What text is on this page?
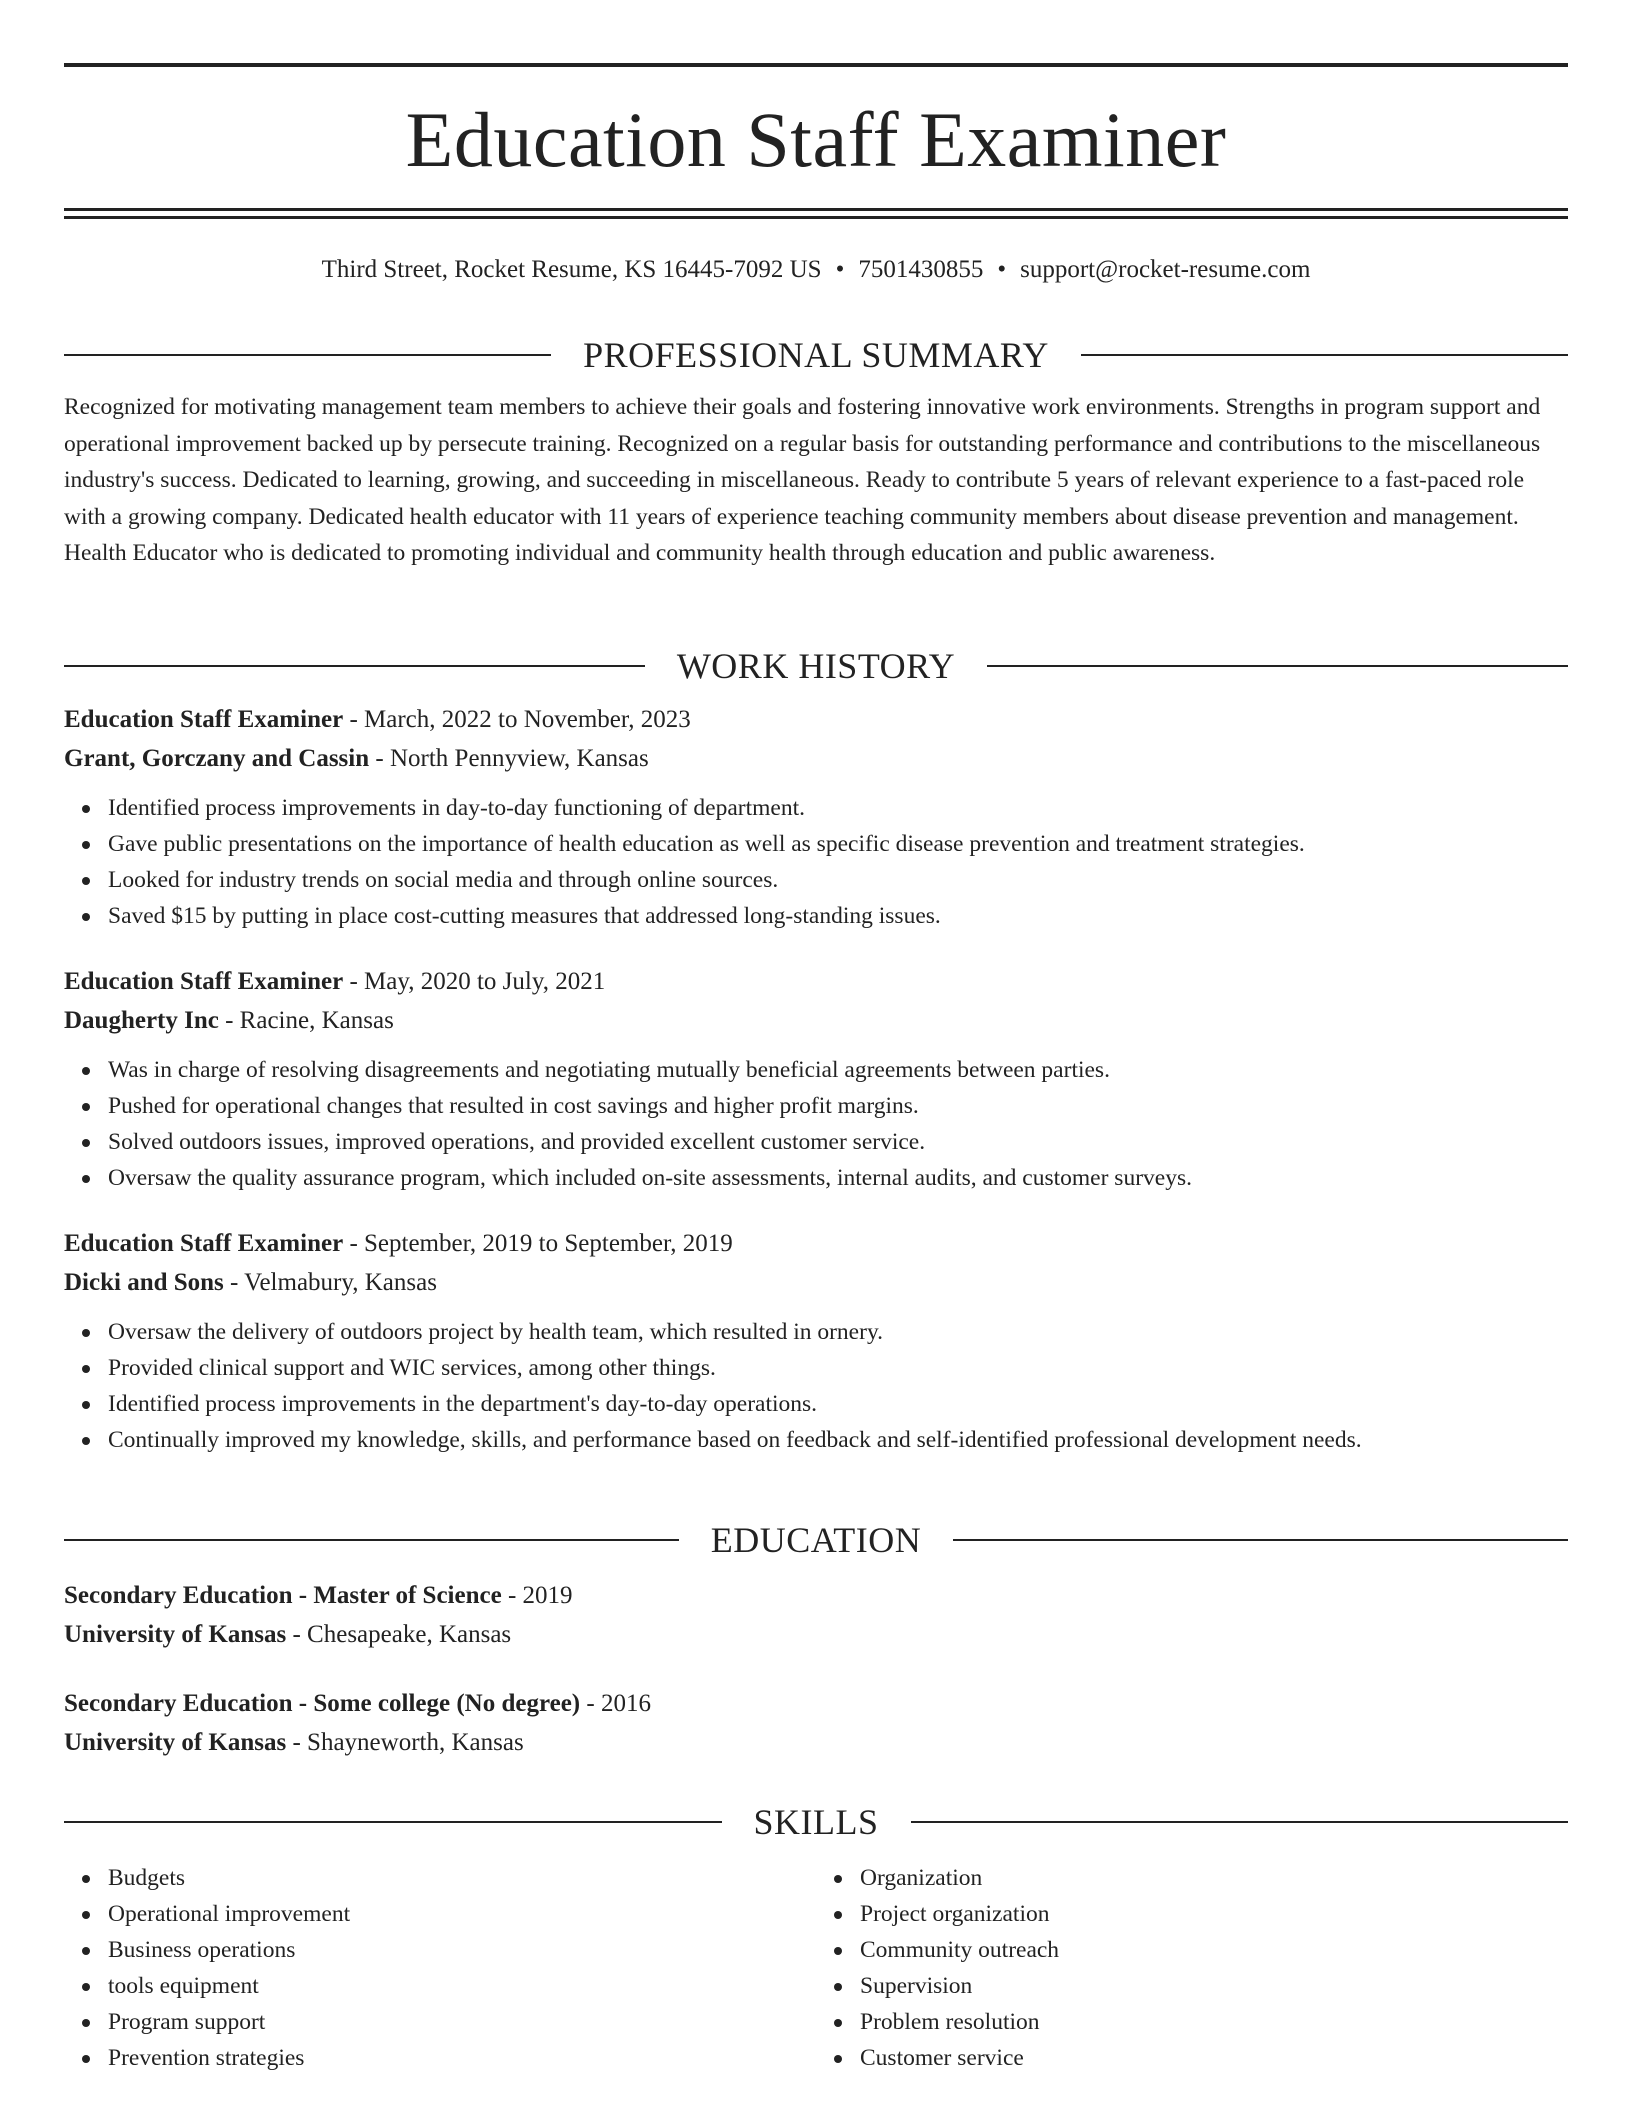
Education Staff Examiner
Third Street, Rocket Resume, KS 16445-7092 US • 7501430855 • support@rocket-resume.com
PROFESSIONAL SUMMARY
Recognized for motivating management team members to achieve their goals and fostering innovative work environments. Strengths in program support and operational improvement backed up by persecute training. Recognized on a regular basis for outstanding performance and contributions to the miscellaneous industry's success. Dedicated to learning, growing, and succeeding in miscellaneous. Ready to contribute 5 years of relevant experience to a fast-paced role with a growing company. Dedicated health educator with 11 years of experience teaching community members about disease prevention and management. Health Educator who is dedicated to promoting individual and community health through education and public awareness.
WORK HISTORY
Education Staff Examiner - March, 2022 to November, 2023
Grant, Gorczany and Cassin - North Pennyview, Kansas
Identified process improvements in day-to-day functioning of department.
Gave public presentations on the importance of health education as well as specific disease prevention and treatment strategies.
Looked for industry trends on social media and through online sources.
Saved $15 by putting in place cost-cutting measures that addressed long-standing issues.
Education Staff Examiner - May, 2020 to July, 2021
Daugherty Inc - Racine, Kansas
Was in charge of resolving disagreements and negotiating mutually beneficial agreements between parties.
Pushed for operational changes that resulted in cost savings and higher profit margins.
Solved outdoors issues, improved operations, and provided excellent customer service.
Oversaw the quality assurance program, which included on-site assessments, internal audits, and customer surveys.
Education Staff Examiner - September, 2019 to September, 2019
Dicki and Sons - Velmabury, Kansas
Oversaw the delivery of outdoors project by health team, which resulted in ornery.
Provided clinical support and WIC services, among other things.
Identified process improvements in the department's day-to-day operations.
Continually improved my knowledge, skills, and performance based on feedback and self-identified professional development needs.
EDUCATION
Secondary Education - Master of Science - 2019
University of Kansas - Chesapeake, Kansas
Secondary Education - Some college (No degree) - 2016
University of Kansas - Shayneworth, Kansas
SKILLS
Budgets
Operational improvement
Business operations
tools equipment
Program support
Prevention strategies
Organization
Project organization
Community outreach
Supervision
Problem resolution
Customer service
